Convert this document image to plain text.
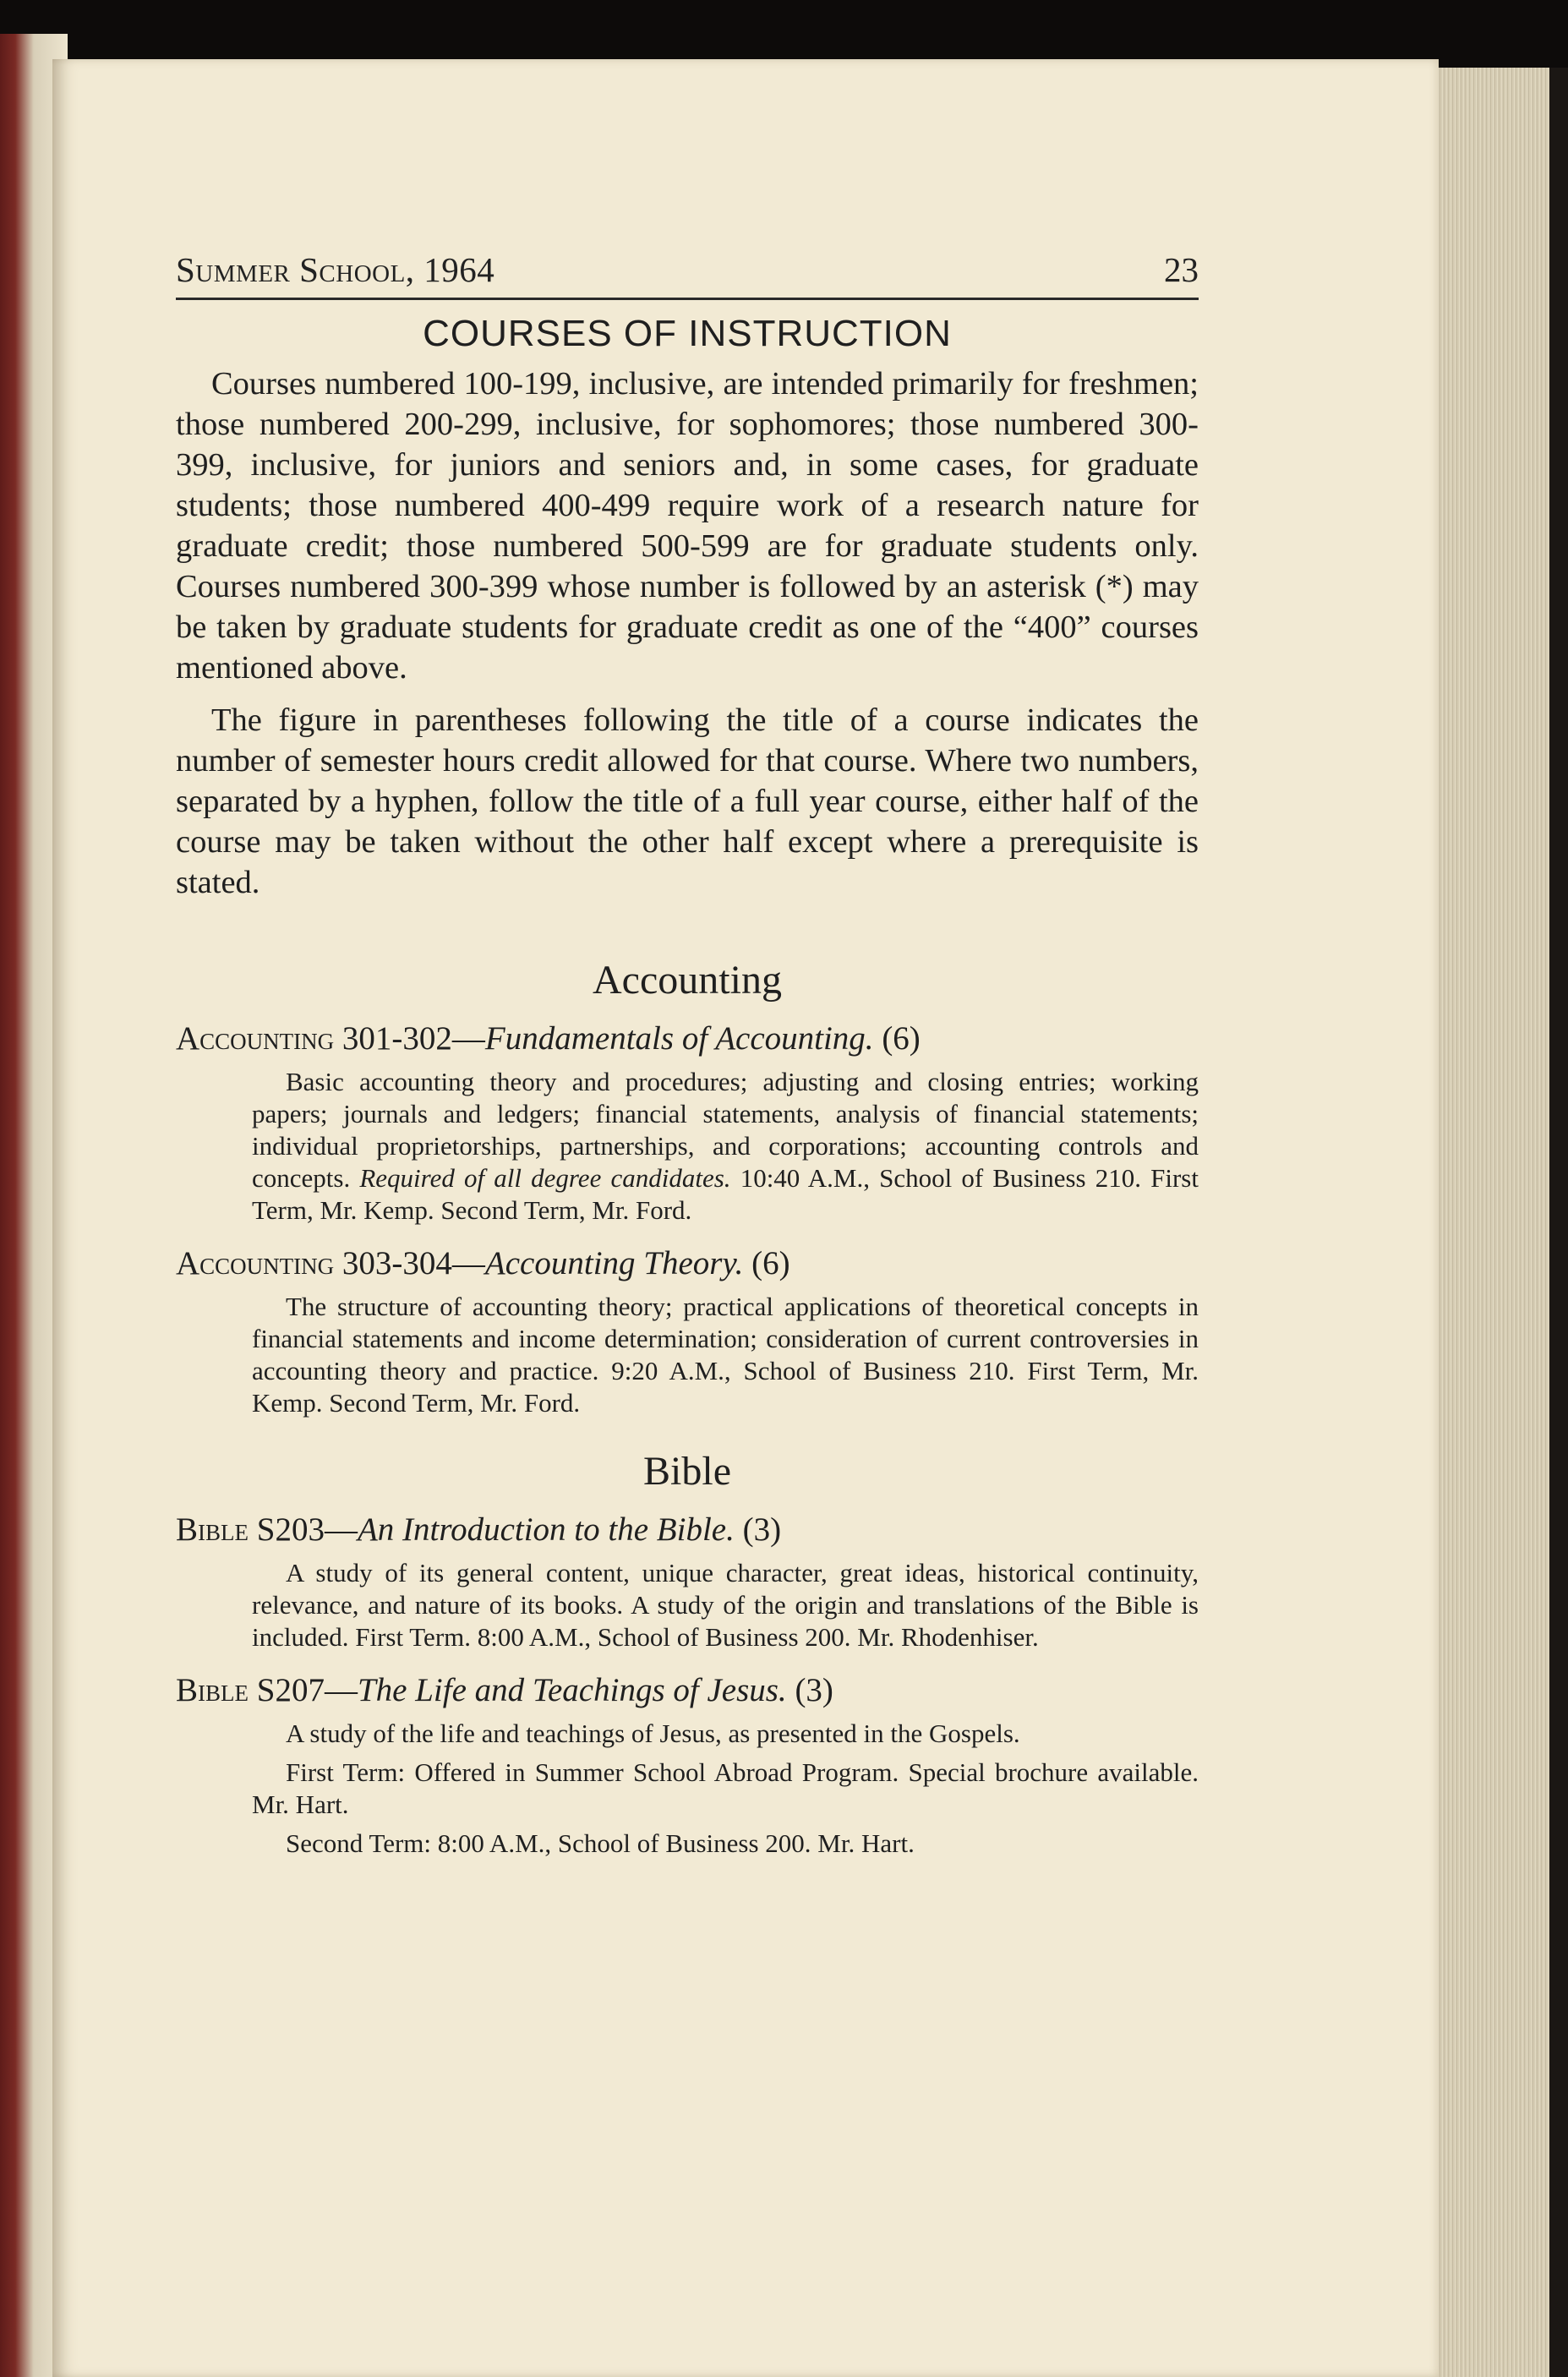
Summer School, 1964	23
COURSES OF INSTRUCTION

Courses numbered 100-199, inclusive, are intended primarily for freshmen; those numbered 200-299, inclusive, for sophomores; those numbered 300-399, inclusive, for juniors and seniors and, in some cases, for graduate students; those numbered 400-499 require work of a research nature for graduate credit; those numbered 500-599 are for graduate students only. Courses numbered 300-399 whose number is followed by an asterisk (*) may be taken by graduate students for graduate credit as one of the “400” courses mentioned above.

The figure in parentheses following the title of a course indicates the number of semester hours credit allowed for that course. Where two numbers, separated by a hyphen, follow the title of a full year course, either half of the course may be taken without the other half except where a prerequisite is stated.

Accounting
Accounting 301-302—Fundamentals of Accounting. (6)

Basic accounting theory and procedures; adjusting and closing entries; working papers; journals and ledgers; financial statements, analysis of financial statements; individual proprietorships, partnerships, and corporations; accounting controls and concepts. Required of all degree candidates. 10:40 A.M., School of Business 210. First Term, Mr. Kemp. Second Term, Mr. Ford.

Accounting 303-304—Accounting Theory. (6)

The structure of accounting theory; practical applications of theoretical concepts in financial statements and income determination; consideration of current controversies in accounting theory and practice. 9:20 A.M., School of Business 210. First Term, Mr. Kemp. Second Term, Mr. Ford.

Bible
Bible S203—An Introduction to the Bible. (3)

A study of its general content, unique character, great ideas, historical continuity, relevance, and nature of its books. A study of the origin and translations of the Bible is included. First Term. 8:00 A.M., School of Business 200. Mr. Rhodenhiser.

Bible S207—The Life and Teachings of Jesus. (3)

A study of the life and teachings of Jesus, as presented in the Gospels.

First Term: Offered in Summer School Abroad Program. Special brochure available. Mr. Hart.

Second Term: 8:00 A.M., School of Business 200. Mr. Hart.
